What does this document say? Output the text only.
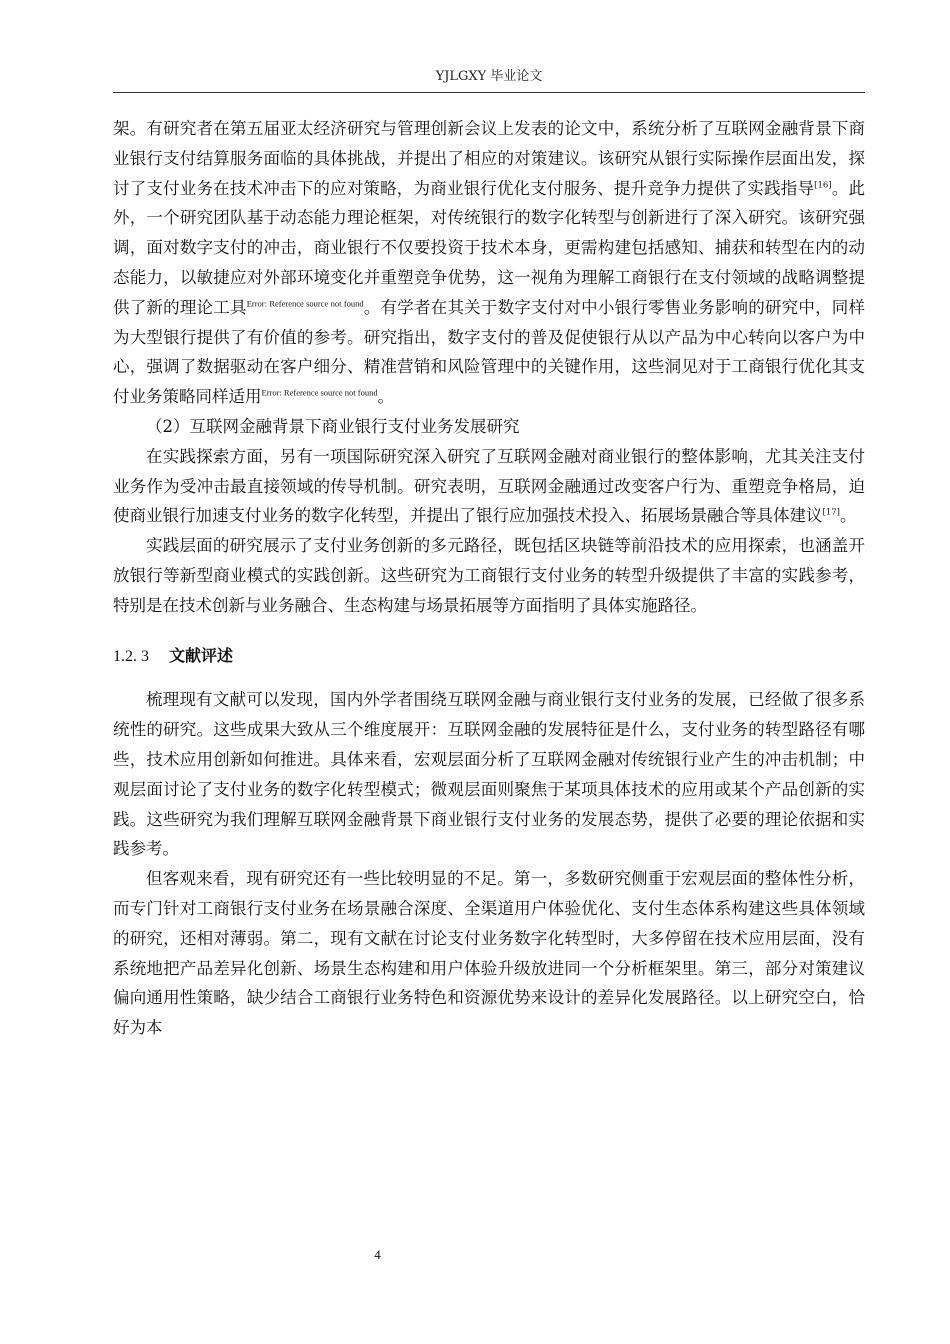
YJLGXY 毕业论文

架。有研究者在第五届亚太经济研究与管理创新会议上发表的论文中，系统分析了互联网金融背景下商业银行支付结算服务面临的具体挑战，并提出了相应的对策建议。该研究从银行实际操作层面出发，探讨了支付业务在技术冲击下的应对策略，为商业银行优化支付服务、提升竞争力提供了实践指导[16]。此外，一个研究团队基于动态能力理论框架，对传统银行的数字化转型与创新进行了深入研究。该研究强调，面对数字支付的冲击，商业银行不仅要投资于技术本身，更需构建包括感知、捕获和转型在内的动态能力，以敏捷应对外部环境变化并重塑竞争优势，这一视角为理解工商银行在支付领域的战略调整提供了新的理论工具$^{Error: Reference source not found}$。有学者在其关于数字支付对中小银行零售业务影响的研究中，同样为大型银行提供了有价值的参考。研究指出，数字支付的普及促使银行从以产品为中心转向以客户为中心，强调了数据驱动在客户细分、精准营销和风险管理中的关键作用，这些洞见对于工商银行优化其支付业务策略同样适用$^{Error: Reference source not found}$。

（2）互联网金融背景下商业银行支付业务发展研究

在实践探索方面，另有一项国际研究深入研究了互联网金融对商业银行的整体影响，尤其关注支付业务作为受冲击最直接领域的传导机制。研究表明，互联网金融通过改变客户行为、重塑竞争格局，迫使商业银行加速支付业务的数字化转型，并提出了银行应加强技术投入、拓展场景融合等具体建议[17]。

实践层面的研究展示了支付业务创新的多元路径，既包括区块链等前沿技术的应用探索，也涵盖开放银行等新型商业模式的实践创新。这些研究为工商银行支付业务的转型升级提供了丰富的实践参考，特别是在技术创新与业务融合、生态构建与场景拓展等方面指明了具体实施路径。

1.2. 3 文献评述

梳理现有文献可以发现，国内外学者围绕互联网金融与商业银行支付业务的发展，已经做了很多系统性的研究。这些成果大致从三个维度展开：互联网金融的发展特征是什么，支付业务的转型路径有哪些，技术应用创新如何推进。具体来看，宏观层面分析了互联网金融对传统银行业产生的冲击机制；中观层面讨论了支付业务的数字化转型模式；微观层面则聚焦于某项具体技术的应用或某个产品创新的实践。这些研究为我们理解互联网金融背景下商业银行支付业务的发展态势，提供了必要的理论依据和实践参考。

但客观来看，现有研究还有一些比较明显的不足。第一，多数研究侧重于宏观层面的整体性分析，而专门针对工商银行支付业务在场景融合深度、全渠道用户体验优化、支付生态体系构建这些具体领域的研究，还相对薄弱。第二，现有文献在讨论支付业务数字化转型时，大多停留在技术应用层面，没有系统地把产品差异化创新、场景生态构建和用户体验升级放进同一个分析框架里。第三，部分对策建议偏向通用性策略，缺少结合工商银行业务特色和资源优势来设计的差异化发展路径。以上研究空白，恰好为本

4
